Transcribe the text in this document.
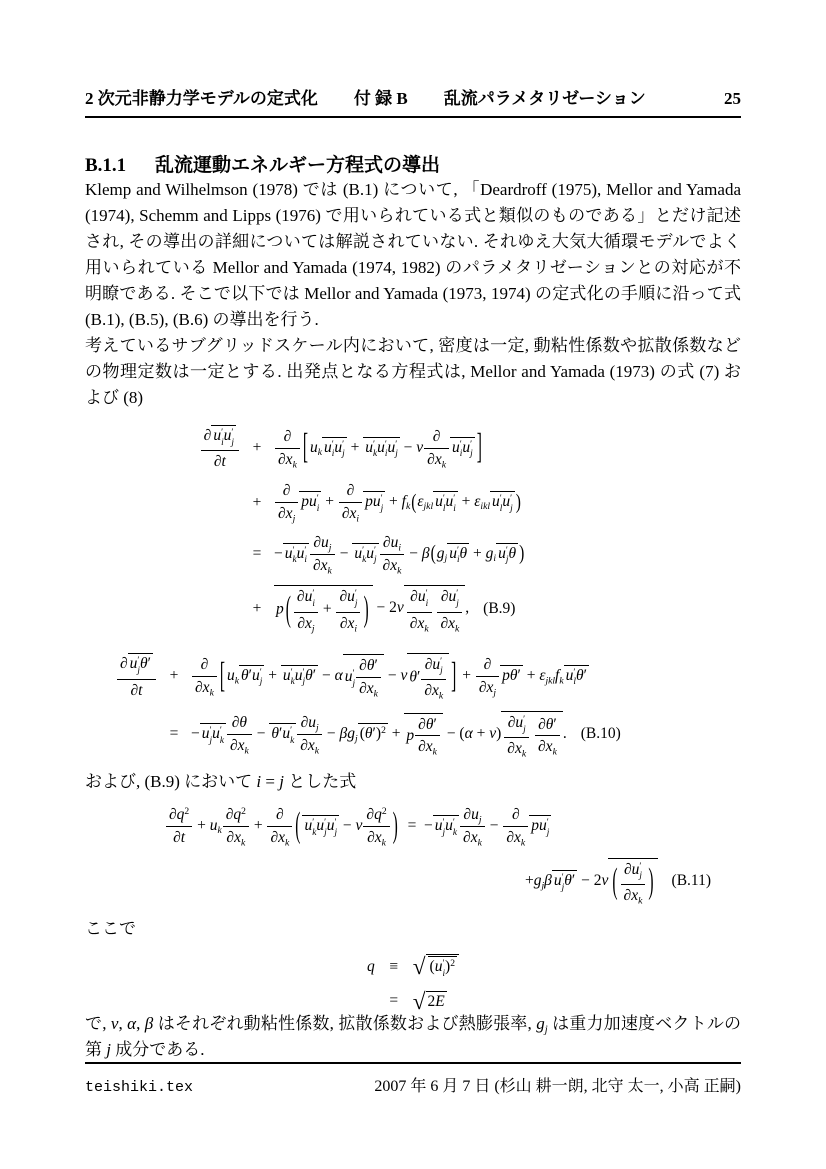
2 次元非静力学モデルの定式化 付 録 B 乱流パラメタリゼーション	25
B.1.1 乱流運動エネルギー方程式の導出

Klemp and Wilhelmson (1978) では (B.1) について, 「Deardroff (1975), Mellor and Yamada (1974), Schemm and Lipps (1976) で用いられている式と類似のものである」とだけ記述され, その導出の詳細については解説されていない. それゆえ大気大循環モデルでよく用いられている Mellor and Yamada (1974, 1982) のパラメタリゼーションとの対応が不明瞭である. そこで以下では Mellor and Yamada (1973, 1974) の定式化の手順に沿って式 (B.1), (B.5), (B.6) の導出を行う.

考えているサブグリッドスケール内において, 密度は一定, 動粘性係数や拡散係数などの物理定数は一定とする. 出発点となる方程式は, Mellor and Yamada (1973) の式 (7) および (8)

∂ u ′
i u ′
j
∂t
+
∂
$\partial x_k$ [ $u_k$ u ′
i u ′
j + u ′
k u ′
i u ′
j − ν
∂
$\partial x_k$
u ′
i u ′
j ]
+
∂
$\partial x_j$
pu ′
i +
∂
$\partial x_i$
pu ′
$j + f_k(\varepsilon_{jkl}$ u ′
l u ′
$i + \varepsilon_{ikl}$ u ′
l u ′
j )
= − u ′
k u ′
i $\frac{\partial u_j}{\partial x_k} - u$ ′
k u ′
j $\frac{\partial u_i}{\partial x_k} - \beta(g_j$ u ′
i $\theta + g_i$ u ′
j θ )
+ p ( ∂u ′
i
$\partial x_j + \partial u$ ′
j
$\partial x_i$ ) − 2ν ∂u ′
i
$\partial x_k$
∂u ′
j
$\partial x_k$ , (B.9)
∂ u ′
j θ′
∂t
+
∂
$\partial x_k$ [ $u_k$ θ′u ′
j + u ′
k u ′
j θ′ − α u ′
j $\frac{\partial\theta'}{\partial x_k} - \nu$ θ′ ∂u ′
j
$\partial x_k$ ] +
∂
$\partial x_j$
$p\theta' + \varepsilon_{jkl}f_k$ u ′
l θ′
= − u ′
j u ′
k $\frac{\partial\theta}{\partial x_k} - \theta'u$ ′
k $\frac{\partial u_j}{\partial x_k} - \beta g_j$ $(\theta')^2 + p \frac{\partial\theta'}{\partial x_k} - (\alpha + \nu)$ ∂u ′
j
$\partial x_k$
$\frac{\partial\theta'}{\partial x_k}$ . (B.10)

および, (B.9) において i = j とした式

$\frac{\partial q^2}{\partial t} + u_k \frac{\partial q^2}{\partial x_k}$ +
∂
$\partial x_k$ ( u ′
k u ′
j u ′
j − ν $\frac{\partial q^2}{\partial x_k}$ )  =  − u ′
j u ′
k $\frac{\partial u_j}{\partial x_k}$ −
∂
$\partial x_k$
pu ′
j
$+g_j\beta$ u ′
j θ′ − 2ν ( ∂u ′
j
$\partial x_k$ ) (B.11)

ここで

q ≡ √ (u ′
i )$^2$
= √ 2E

で, ν, α, β はそれぞれ動粘性係数, 拡散係数および熱膨張率, $g_j$ は重力加速度ベクトルの第 j 成分である.

teishiki.tex	2007 年 6 月 7 日 (杉山 耕一朗, 北守 太一, 小高 正嗣)
